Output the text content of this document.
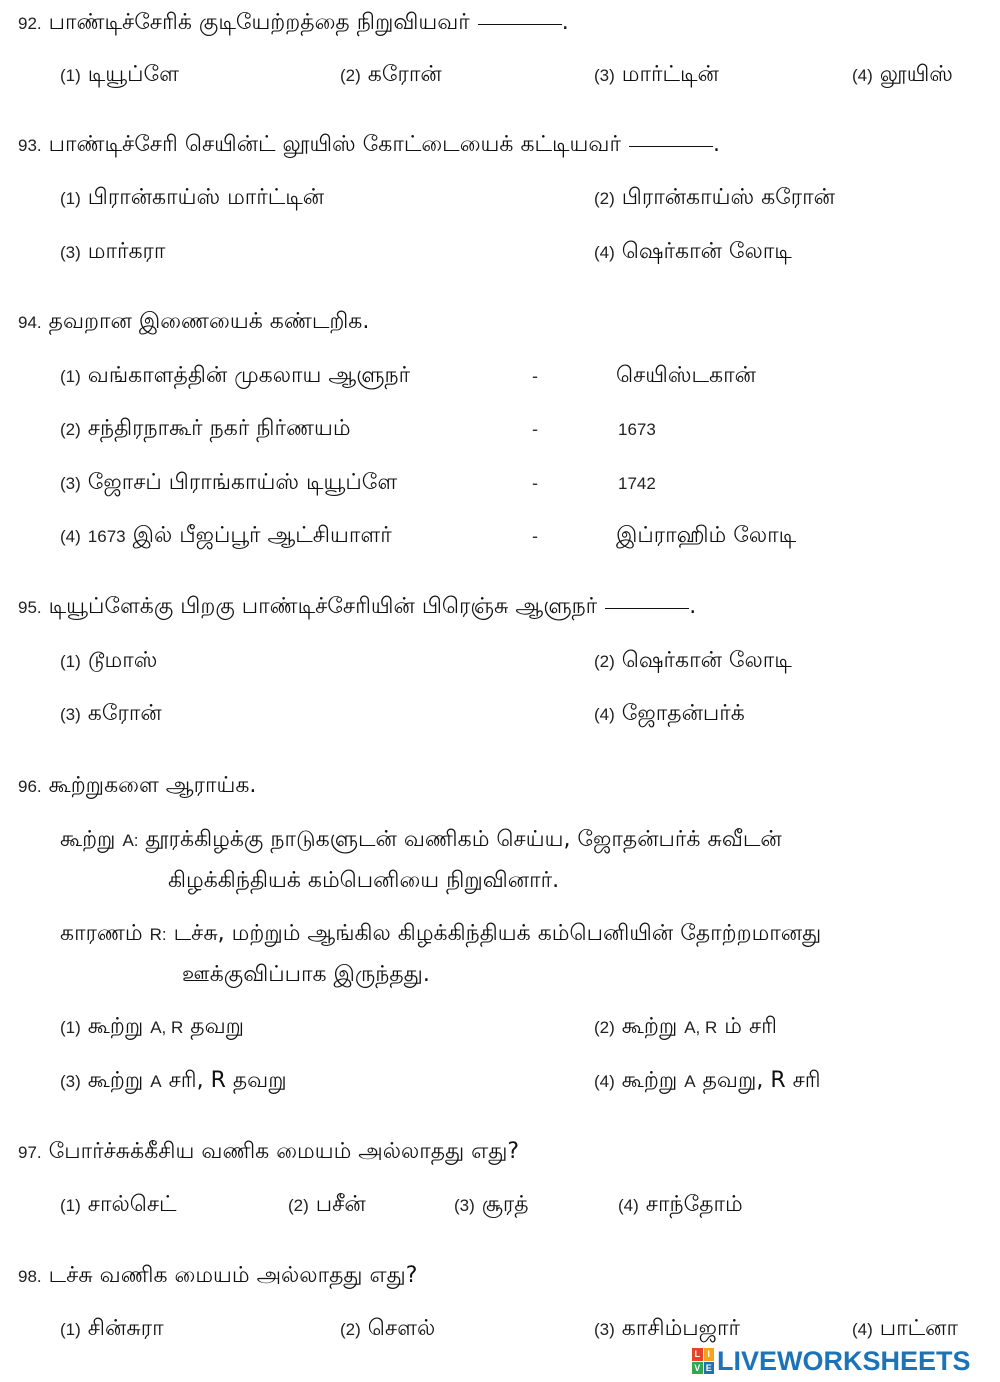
92. பாண்டிச்சேரிக் குடியேற்றத்தை நிறுவியவர்	.
(1) டியூப்ளே	(2) கரோன்	(3) மார்ட்டின்	(4) லூயிஸ்
93. பாண்டிச்சேரி செயின்ட் லூயிஸ் கோட்டையைக் கட்டியவர்	.
(1) பிரான்காய்ஸ் மார்ட்டின்	(2) பிரான்காய்ஸ் கரோன்
(3) மார்கரா	(4) ஷெர்கான் லோடி
94. தவறான இணையைக் கண்டறிக.
(1) வங்காளத்தின் முகலாய ஆளுநர்	-	செயிஸ்டகான்
(2) சந்திரநாகூர் நகர் நிர்ணயம்	-	1673
(3) ஜோசப் பிராங்காய்ஸ் டியூப்ளே	-	1742
(4) 1673 இல் பீஜப்பூர் ஆட்சியாளர்	-	இப்ராஹிம் லோடி
95. டியூப்ளேக்கு பிறகு பாண்டிச்சேரியின் பிரெஞ்சு ஆளுநர்	.
(1) டூமாஸ்	(2) ஷெர்கான் லோடி
(3) கரோன்	(4) ஜோதன்பர்க்
96. கூற்றுகளை ஆராய்க.
கூற்று A: தூரக்கிழக்கு நாடுகளுடன் வணிகம் செய்ய, ஜோதன்பர்க் சுவீடன்
கிழக்கிந்தியக் கம்பெனியை நிறுவினார்.
காரணம் R: டச்சு, மற்றும் ஆங்கில கிழக்கிந்தியக் கம்பெனியின் தோற்றமானது
ஊக்குவிப்பாக இருந்தது.
(1) கூற்று A, R தவறு	(2) கூற்று A, R ம் சரி
(3) கூற்று A சரி, R தவறு	(4) கூற்று A தவறு, R சரி
97. போர்ச்சுக்கீசிய வணிக மையம் அல்லாதது எது?
(1) சால்செட்	(2) பசீன்	(3) சூரத்	(4) சாந்தோம்
98. டச்சு வணிக மையம் அல்லாதது எது?
(1) சின்சுரா	(2) செளல்	(3) காசிம்பஜார்	(4) பாட்னா
L I
V E LIVEWORKSHEETS
